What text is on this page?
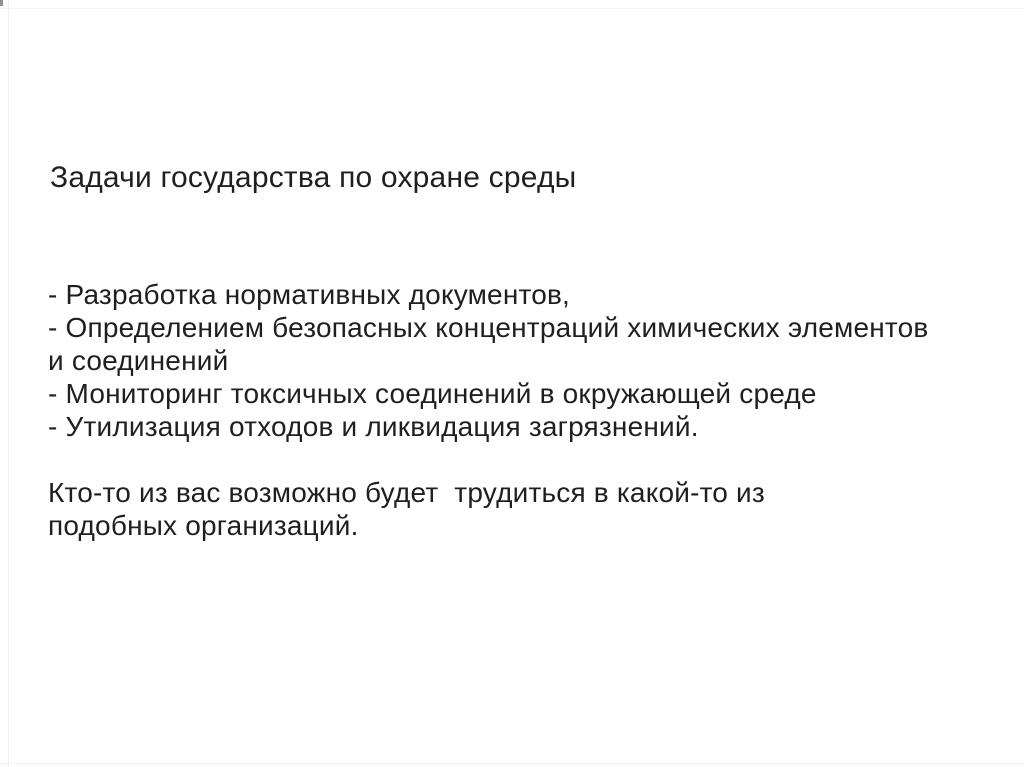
Задачи государства по охране среды
- Разработка нормативных документов,
- Определением безопасных концентраций химических элементов
и соединений
- Мониторинг токсичных соединений в окружающей среде
- Утилизация отходов и ликвидация загрязнений.
Кто-то из вас возможно будет  трудиться в какой-то из
подобных организаций.
